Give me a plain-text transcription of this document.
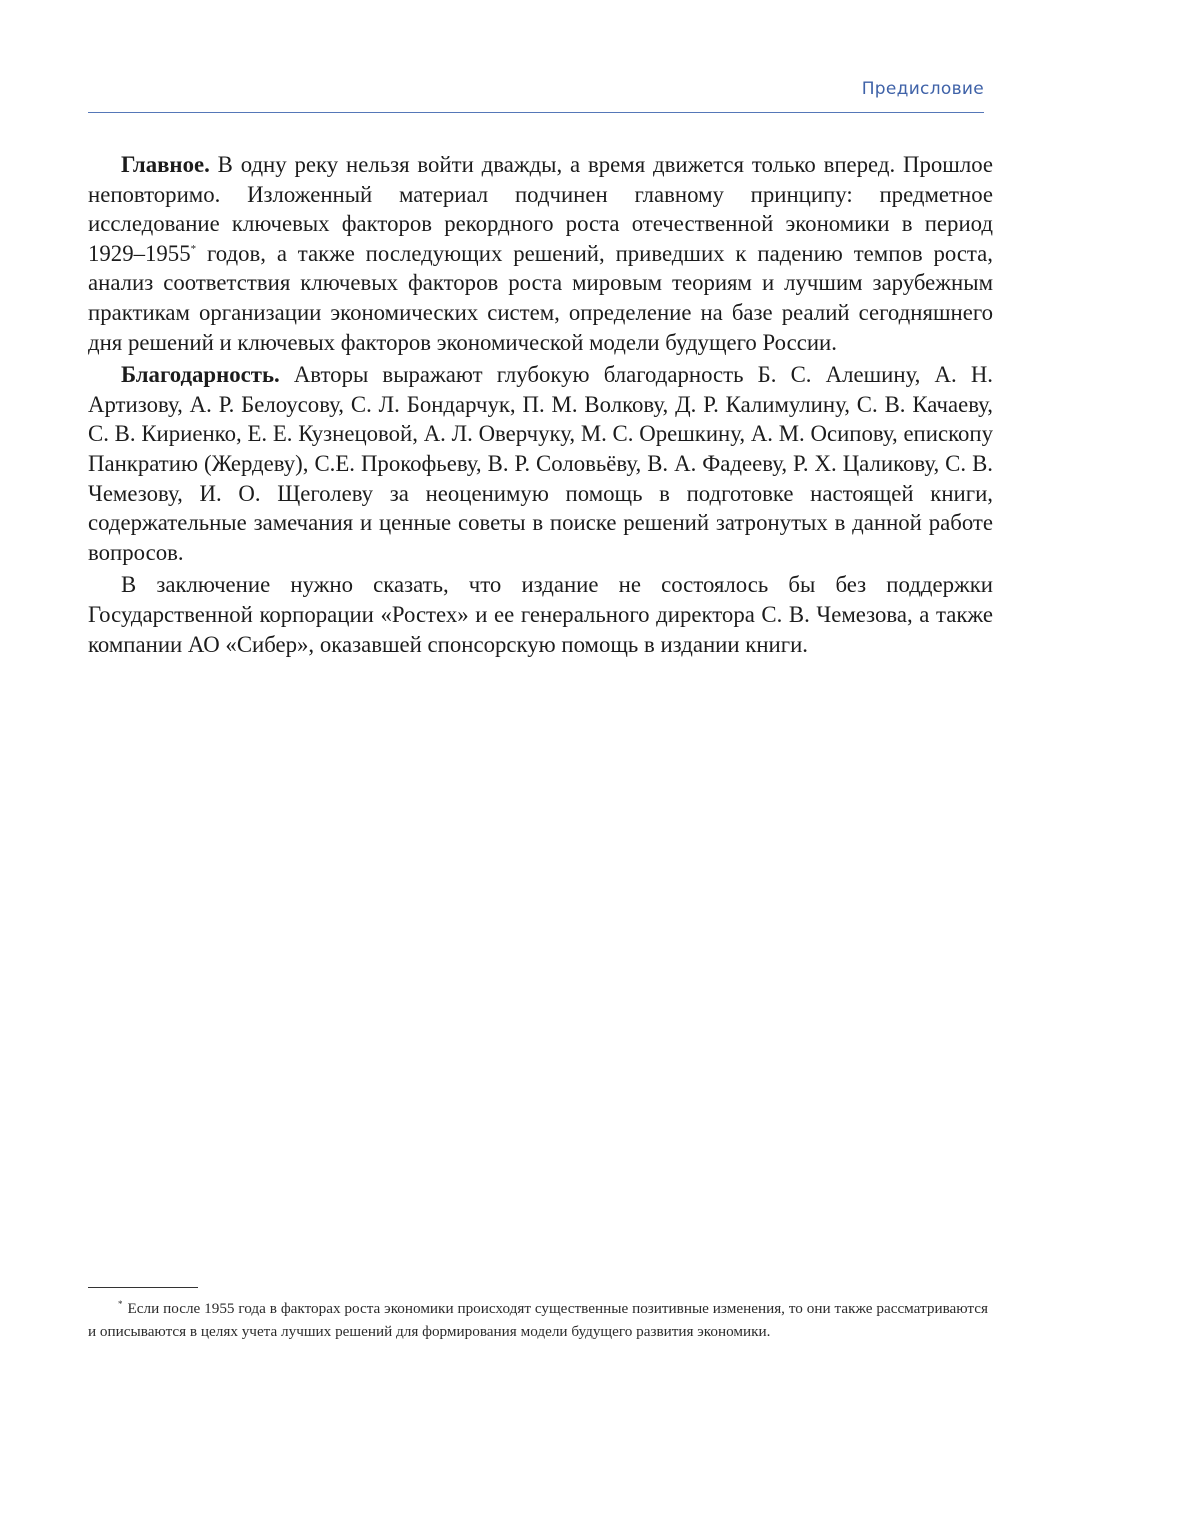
Предисловие

Главное. В одну реку нельзя войти дважды, а время движется только вперед. Прошлое неповторимо. Изложенный материал подчинен главному принципу: предметное исследование ключевых факторов рекордного роста отечественной экономики в период 1929–1955* годов, а также последующих решений, приведших к падению темпов роста, анализ соответствия ключевых факторов роста мировым теориям и лучшим зарубежным практикам организации экономических систем, определение на базе реалий сегодняшнего дня решений и ключевых факторов экономической модели будущего России.

Благодарность. Авторы выражают глубокую благодарность Б. С. Алешину, А. Н. Артизову, А. Р. Белоусову, С. Л. Бондарчук, П. М. Волкову, Д. Р. Калимулину, С. В. Качаеву, С. В. Кириенко, Е. Е. Кузнецовой, А. Л. Оверчуку, М. С. Орешкину, А. М. Осипову, епископу Панкратию (Жердеву), С.Е. Прокофьеву, В. Р. Соловьёву, В. А. Фадееву, Р. Х. Цаликову, С. В. Чемезову, И. О. Щеголеву за неоценимую помощь в подготовке настоящей книги, содержательные замечания и ценные советы в поиске решений затронутых в данной работе вопросов.

В заключение нужно сказать, что издание не состоялось бы без поддержки Государственной корпорации «Ростех» и ее генерального директора С. В. Чемезова, а также компании АО «Сибер», оказавшей спонсорскую помощь в издании книги.

* Если после 1955 года в факторах роста экономики происходят существенные позитивные изменения, то они также рассматриваются и описываются в целях учета лучших решений для формирования модели будущего развития экономики.
